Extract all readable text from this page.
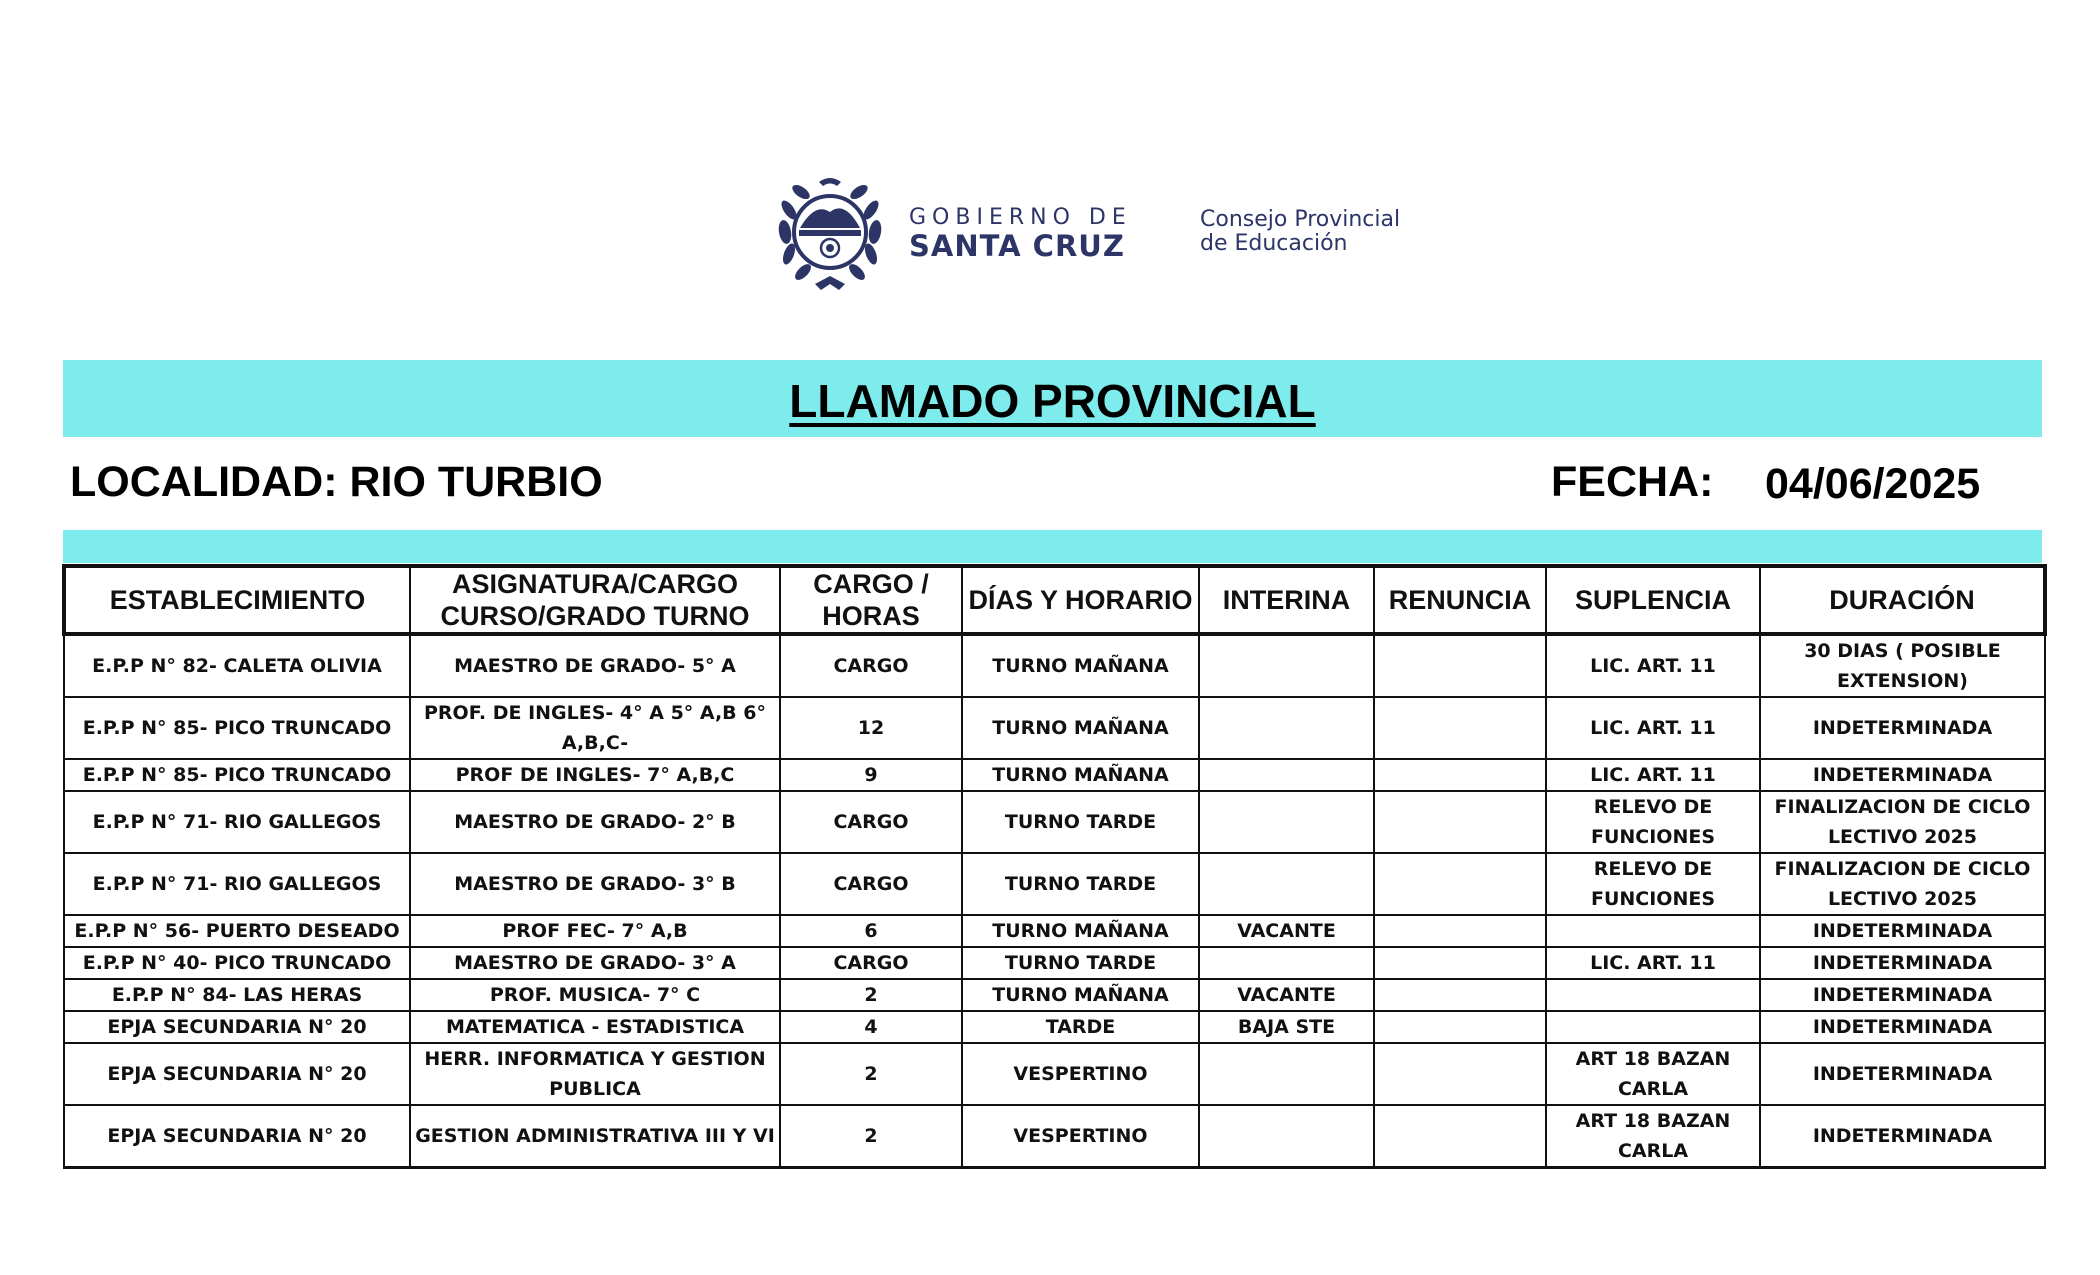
GOBIERNO DE
SANTA CRUZ
Consejo Provincial
de Educación
LLAMADO PROVINCIAL
LOCALIDAD: RIO TURBIO	FECHA: 04/06/2025
ESTABLECIMIENTO	ASIGNATURA/CARGO CURSO/GRADO TURNO	CARGO / HORAS	DÍAS Y HORARIO	INTERINA	RENUNCIA	SUPLENCIA	DURACIÓN
E.P.P N° 82- CALETA OLIVIA	MAESTRO DE GRADO- 5° A	CARGO	TURNO MAÑANA			LIC. ART. 11	30 DIAS ( POSIBLE EXTENSION)
E.P.P N° 85- PICO TRUNCADO	PROF. DE INGLES- 4° A 5° A,B 6° A,B,C-	12	TURNO MAÑANA			LIC. ART. 11	INDETERMINADA
E.P.P N° 85- PICO TRUNCADO	PROF DE INGLES- 7° A,B,C	9	TURNO MAÑANA			LIC. ART. 11	INDETERMINADA
E.P.P N° 71- RIO GALLEGOS	MAESTRO DE GRADO- 2° B	CARGO	TURNO TARDE			RELEVO DE FUNCIONES	FINALIZACION DE CICLO LECTIVO 2025
E.P.P N° 71- RIO GALLEGOS	MAESTRO DE GRADO- 3° B	CARGO	TURNO TARDE			RELEVO DE FUNCIONES	FINALIZACION DE CICLO LECTIVO 2025
E.P.P N° 56- PUERTO DESEADO	PROF FEC- 7° A,B	6	TURNO MAÑANA	VACANTE			INDETERMINADA
E.P.P N° 40- PICO TRUNCADO	MAESTRO DE GRADO- 3° A	CARGO	TURNO TARDE			LIC. ART. 11	INDETERMINADA
E.P.P N° 84- LAS HERAS	PROF. MUSICA- 7° C	2	TURNO MAÑANA	VACANTE			INDETERMINADA
EPJA SECUNDARIA N° 20	MATEMATICA - ESTADISTICA	4	TARDE	BAJA STE			INDETERMINADA
EPJA SECUNDARIA N° 20	HERR. INFORMATICA Y GESTION PUBLICA	2	VESPERTINO			ART 18 BAZAN CARLA	INDETERMINADA
EPJA SECUNDARIA N° 20	GESTION ADMINISTRATIVA III Y VI	2	VESPERTINO			ART 18 BAZAN CARLA	INDETERMINADA
